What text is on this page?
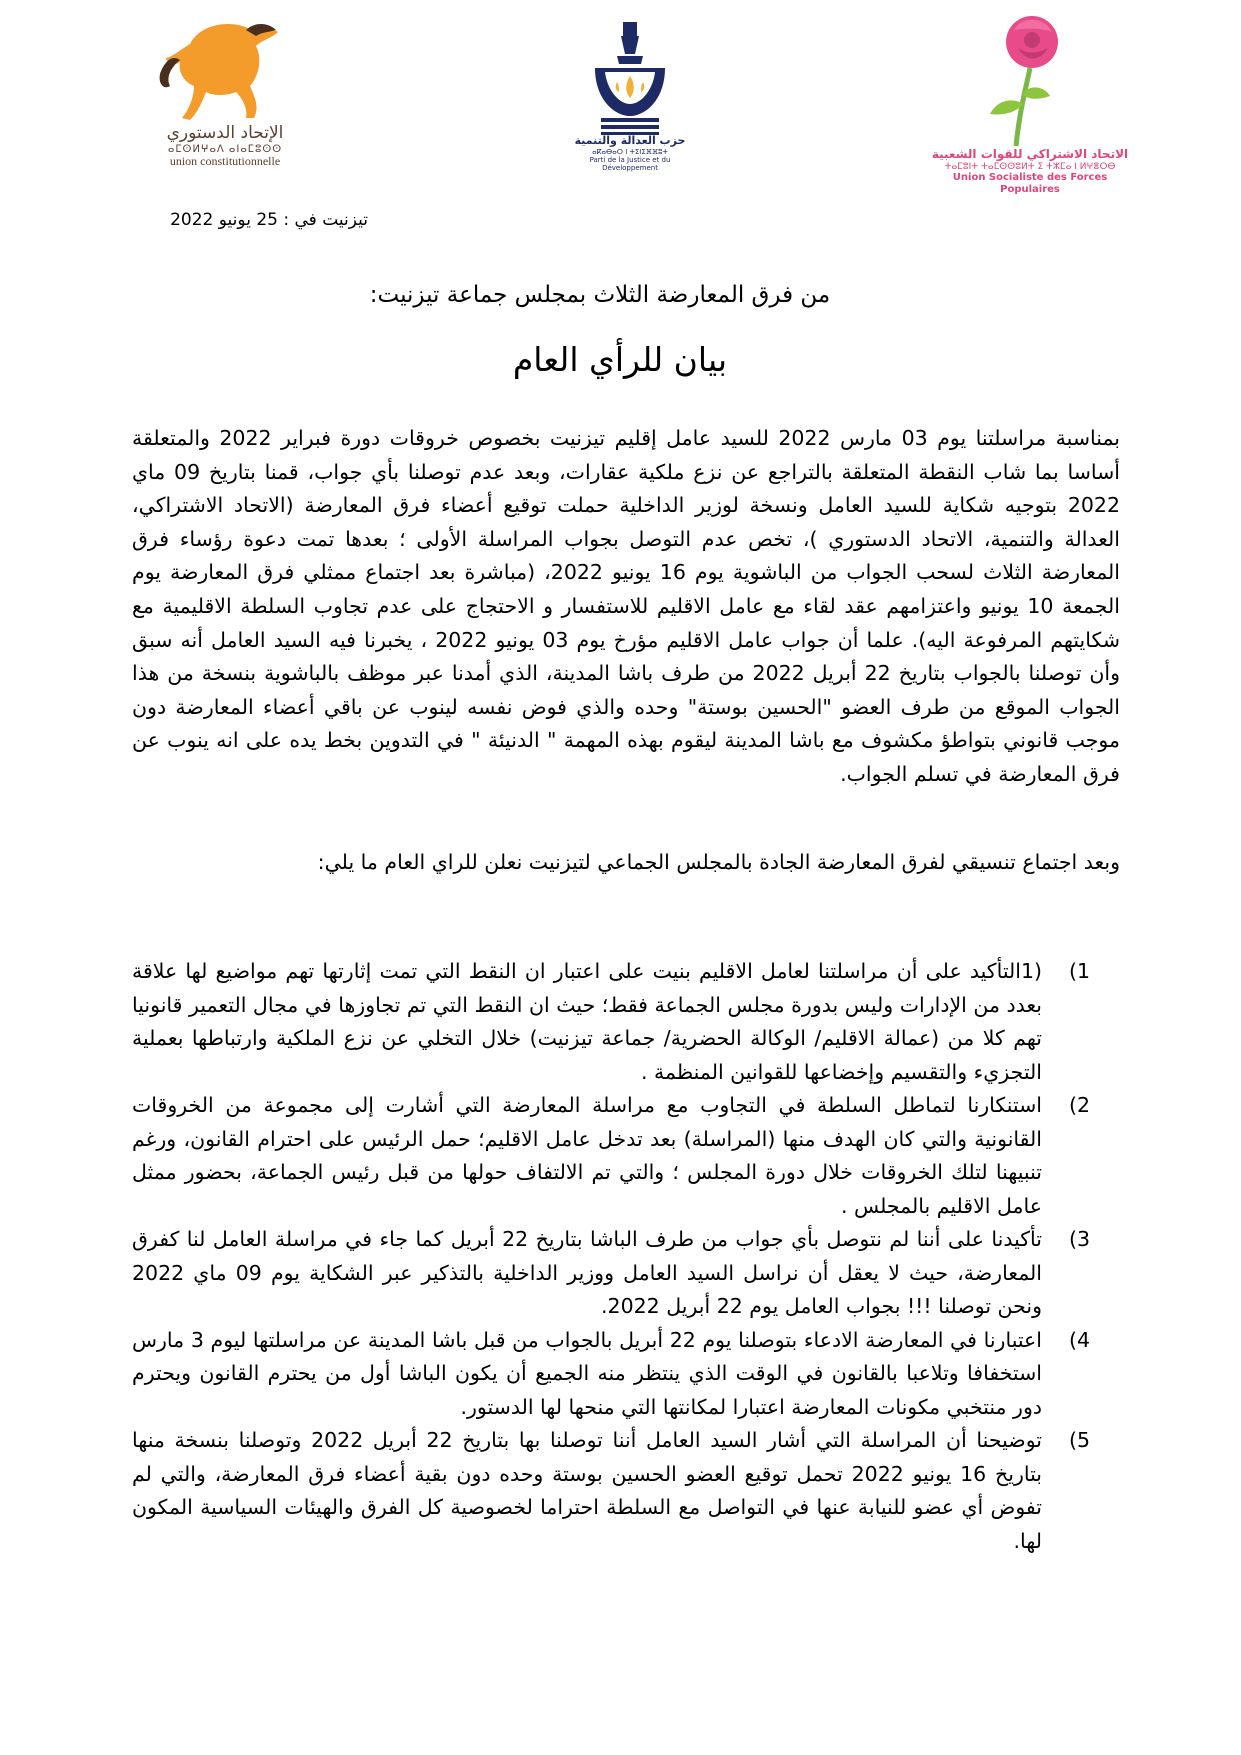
الإتحاد الدستوري
ⴰⵎⵙⵍⵖⴰⴷ ⴰⵏⴰⵎⵓⵙⵙ
union constitutionnelle
حزب العدالة والتنمية
ⴰⴽⴰⴱⴰⵔ ⵏ ⵜⵉⵏⵉⴼⴼⵓⵜ
Parti de la Justice et du Développement
الاتحاد الاشتراكي للقوات الشعبية
ⵜⴰⵎⵓⵏⵜ ⵜⴰⵎⵙⵙⵓⵍⵜ ⵉ ⵜⵣⵎⴰ ⵏ ⵍⵖⴻⵔⴱ
Union Socialiste des Forces Populaires
تيزنيت في : 25 يونيو 2022
من فرق المعارضة الثلاث بمجلس جماعة تيزنيت:
بيان للرأي العام

بمناسبة مراسلتنا يوم 03 مارس 2022 للسيد عامل إقليم تيزنيت بخصوص خروقات دورة فبراير 2022 والمتعلقة أساسا بما شاب النقطة المتعلقة بالتراجع عن نزع ملكية عقارات، وبعد عدم توصلنا بأي جواب، قمنا بتاريخ 09 ماي 2022 بتوجيه شكاية للسيد العامل ونسخة لوزير الداخلية حملت توقيع أعضاء فرق المعارضة (الاتحاد الاشتراكي، العدالة والتنمية، الاتحاد الدستوري )، تخص عدم التوصل بجواب المراسلة الأولى ؛ بعدها تمت دعوة رؤساء فرق المعارضة الثلاث لسحب الجواب من الباشوية يوم 16 يونيو 2022، (مباشرة بعد اجتماع ممثلي فرق المعارضة يوم الجمعة 10 يونيو واعتزامهم عقد لقاء مع عامل الاقليم للاستفسار و الاحتجاج على عدم تجاوب السلطة الاقليمية مع شكايتهم المرفوعة اليه). علما أن جواب عامل الاقليم مؤرخ يوم 03 يونيو 2022 ، يخبرنا فيه السيد العامل أنه سبق وأن توصلنا بالجواب بتاريخ 22 أبريل 2022 من طرف باشا المدينة، الذي أمدنا عبر موظف بالباشوية بنسخة من هذا الجواب الموقع من طرف العضو "الحسين بوستة" وحده والذي فوض نفسه لينوب عن باقي أعضاء المعارضة دون موجب قانوني بتواطؤ مكشوف مع باشا المدينة ليقوم بهذه المهمة " الدنيئة " في التدوين بخط يده على انه ينوب عن فرق المعارضة في تسلم الجواب.

وبعد اجتماع تنسيقي لفرق المعارضة الجادة بالمجلس الجماعي لتيزنيت نعلن للراي العام ما يلي:

1)
(1التأكيد على أن مراسلتنا لعامل الاقليم بنيت على اعتبار ان النقط التي تمت إثارتها تهم مواضيع لها علاقة بعدد من الإدارات وليس بدورة مجلس الجماعة فقط؛ حيث ان النقط التي تم تجاوزها في مجال التعمير قانونيا تهم كلا من (عمالة الاقليم/ الوكالة الحضرية/ جماعة تيزنيت) خلال التخلي عن نزع الملكية وارتباطها بعملية التجزيء والتقسيم وإخضاعها للقوانين المنظمة .
2)
استنكارنا لتماطل السلطة في التجاوب مع مراسلة المعارضة التي أشارت إلى مجموعة من الخروقات القانونية والتي كان الهدف منها (المراسلة) بعد تدخل عامل الاقليم؛ حمل الرئيس على احترام القانون، ورغم تنبيهنا لتلك الخروقات خلال دورة المجلس ؛ والتي تم الالتفاف حولها من قبل رئيس الجماعة، بحضور ممثل عامل الاقليم بالمجلس .
3)
تأكيدنا على أننا لم نتوصل بأي جواب من طرف الباشا بتاريخ 22 أبريل كما جاء في مراسلة العامل لنا كفرق المعارضة، حيث لا يعقل أن نراسل السيد العامل ووزير الداخلية بالتذكير عبر الشكاية يوم 09 ماي 2022 ونحن توصلنا !!! بجواب العامل يوم 22 أبريل 2022.
4)
اعتبارنا في المعارضة الادعاء بتوصلنا يوم 22 أبريل بالجواب من قبل باشا المدينة عن مراسلتها ليوم 3 مارس استخفافا وتلاعبا بالقانون في الوقت الذي ينتظر منه الجميع أن يكون الباشا أول من يحترم القانون ويحترم دور منتخبي مكونات المعارضة اعتبارا لمكانتها التي منحها لها الدستور.
5)
توضيحنا أن المراسلة التي أشار السيد العامل أننا توصلنا بها بتاريخ 22 أبريل 2022 وتوصلنا بنسخة منها بتاريخ 16 يونيو 2022 تحمل توقيع العضو الحسين بوستة وحده دون بقية أعضاء فرق المعارضة، والتي لم تفوض أي عضو للنيابة عنها في التواصل مع السلطة احتراما لخصوصية كل الفرق والهيئات السياسية المكون لها.
